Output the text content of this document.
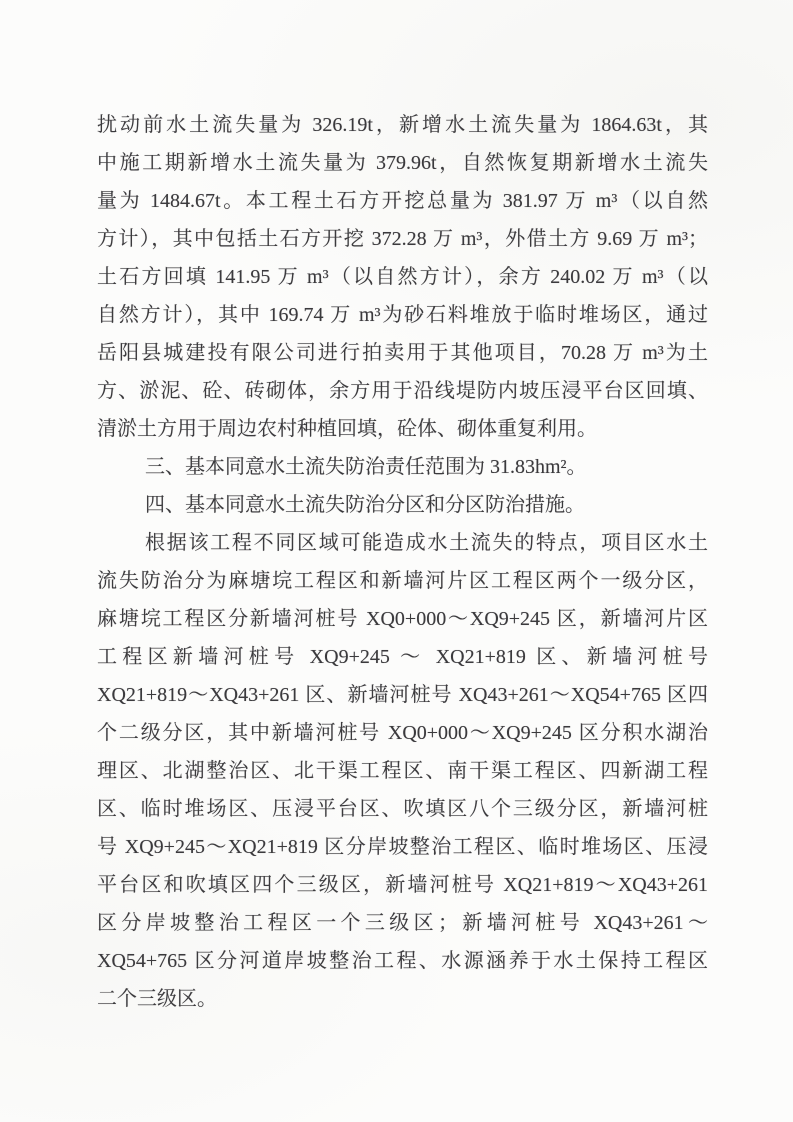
扰动前水土流失量为 326.19t，新增水土流失量为 1864.63t，其
中施工期新增水土流失量为 379.96t，自然恢复期新增水土流失
量为 1484.67t。本工程土石方开挖总量为 381.97 万 m³（以自然
方计），其中包括土石方开挖 372.28 万 m³，外借土方 9.69 万 m³；
土石方回填 141.95 万 m³（以自然方计），余方 240.02 万 m³（以
自然方计），其中 169.74 万 m³为砂石料堆放于临时堆场区，通过
岳阳县城建投有限公司进行拍卖用于其他项目，70.28 万 m³为土
方、淤泥、砼、砖砌体，余方用于沿线堤防内坡压浸平台区回填、
清淤土方用于周边农村种植回填，砼体、砌体重复利用。
三、基本同意水土流失防治责任范围为 31.83hm²。
四、基本同意水土流失防治分区和分区防治措施。
根据该工程不同区域可能造成水土流失的特点，项目区水土
流失防治分为麻塘垸工程区和新墙河片区工程区两个一级分区，
麻塘垸工程区分新墙河桩号 XQ0+000～XQ9+245 区，新墙河片区
工程区新墙河桩号 XQ9+245 ～ XQ21+819 区、新墙河桩号
XQ21+819～XQ43+261 区、新墙河桩号 XQ43+261～XQ54+765 区四
个二级分区，其中新墙河桩号 XQ0+000～XQ9+245 区分积水湖治
理区、北湖整治区、北干渠工程区、南干渠工程区、四新湖工程
区、临时堆场区、压浸平台区、吹填区八个三级分区，新墙河桩
号 XQ9+245～XQ21+819 区分岸坡整治工程区、临时堆场区、压浸
平台区和吹填区四个三级区，新墙河桩号 XQ21+819～XQ43+261
区分岸坡整治工程区一个三级区；新墙河桩号 XQ43+261～
XQ54+765 区分河道岸坡整治工程、水源涵养于水土保持工程区
二个三级区。
